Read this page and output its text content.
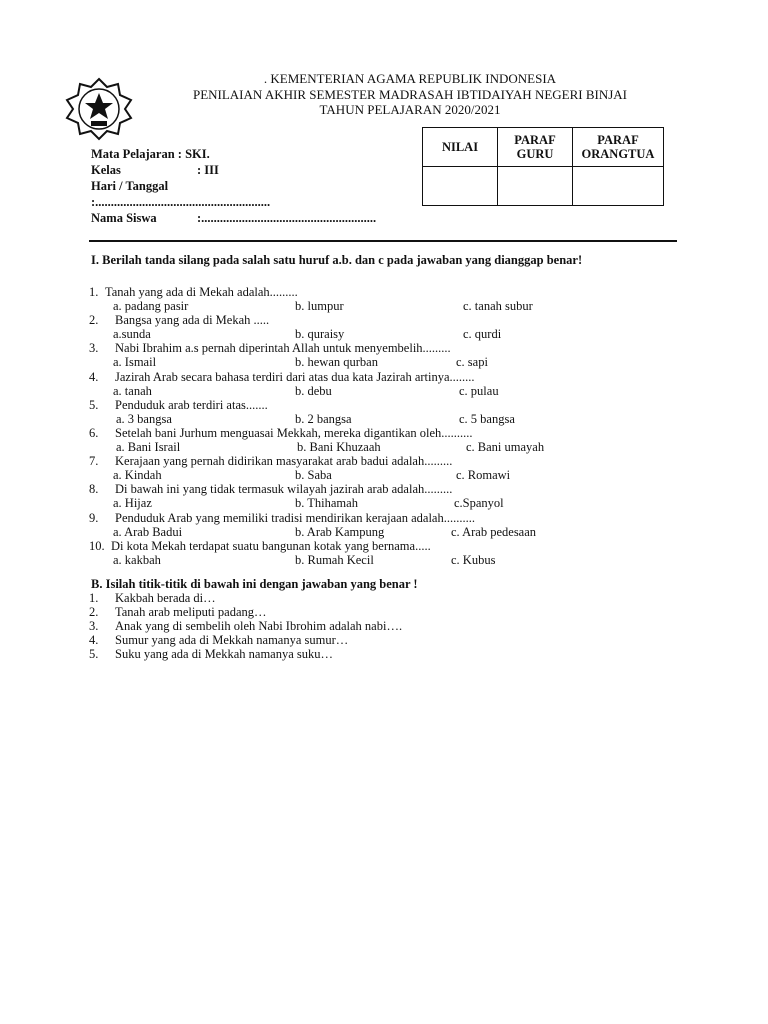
. KEMENTERIAN AGAMA REPUBLIK INDONESIA
PENILAIAN AKHIR SEMESTER MADRASAH IBTIDAIYAH NEGERI BINJAI
TAHUN PELAJARAN 2020/2021
NILAI	PARAF GURU	PARAF ORANGTUA

Mata Pelajaran : SKI.
Kelas	: III
Hari / Tanggal
:........................................................
Nama Siswa	:........................................................
I. Berilah tanda silang pada salah satu huruf a.b. dan c pada jawaban yang dianggap benar!
1. Tanah yang ada di Mekah adalah.........
a. padang pasir	b. lumpur	c. tanah subur
2. Bangsa yang ada di Mekah .....
a.sunda	b. quraisy	c. qurdi
3. Nabi Ibrahim a.s pernah diperintah Allah untuk menyembelih.........
a. Ismail	b. hewan qurban	c. sapi
4. Jazirah Arab secara bahasa terdiri dari atas dua kata Jazirah artinya........
a. tanah	b. debu	c. pulau
5. Penduduk arab terdiri atas.......
a. 3 bangsa	b. 2 bangsa	c. 5 bangsa
6. Setelah bani Jurhum menguasai Mekkah, mereka digantikan oleh..........
a. Bani Israil	b. Bani Khuzaah	c. Bani umayah
7. Kerajaan yang pernah didirikan masyarakat arab badui adalah.........
a. Kindah	b. Saba	c. Romawi
8. Di bawah ini yang tidak termasuk wilayah jazirah arab adalah.........
a. Hijaz	b. Thihamah	c.Spanyol
9. Penduduk Arab yang memiliki tradisi mendirikan kerajaan adalah..........
a. Arab Badui	b. Arab Kampung	c. Arab pedesaan
10. Di kota Mekah terdapat suatu bangunan kotak yang bernama.....
a. kakbah	b. Rumah Kecil	c. Kubus
B. Isilah titik-titik di bawah ini dengan jawaban yang benar !
1. Kakbah berada di…
2. Tanah arab meliputi padang…
3. Anak yang di sembelih oleh Nabi Ibrohim adalah nabi….
4. Sumur yang ada di Mekkah namanya sumur…
5. Suku yang ada di Mekkah namanya suku…
